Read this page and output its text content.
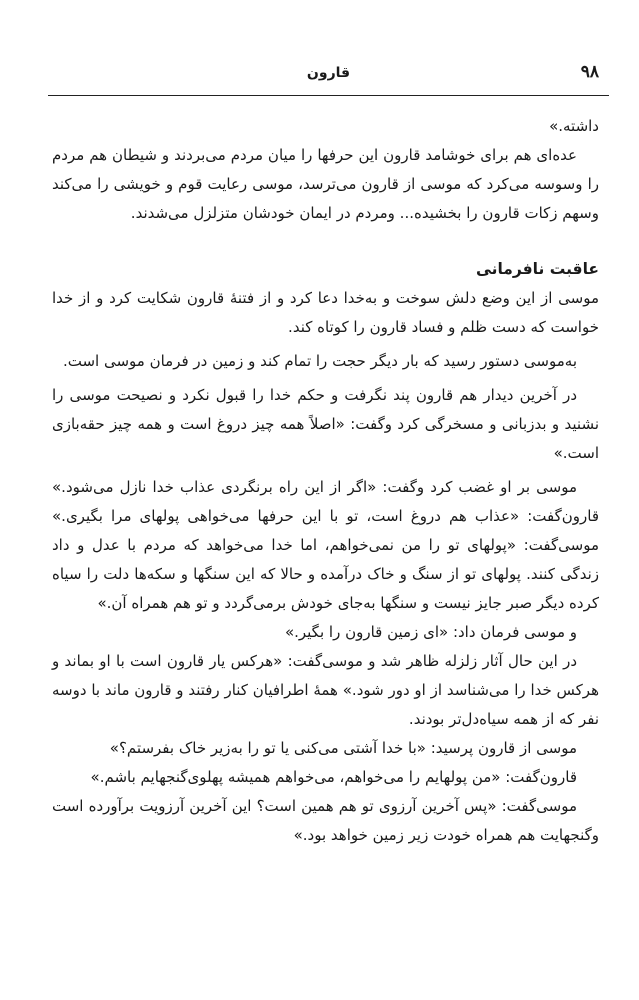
۹۸
قارون

داشته.»

عده‌ای هم برای خوشامد قارون این حرفها را میان مردم می‌بردند و شیطان هم مردم را وسوسه می‌کرد که موسی از قارون می‌ترسد، موسی رعایت قوم و خویشی را می‌کند وسهم زکات قارون را بخشیده... ومردم در ایمان خودشان متزلزل می‌شدند.

عاقبت نافرمانی

موسی از این وضع دلش سوخت و به‌خدا دعا کرد و از فتنهٔ قارون شکایت کرد و از خدا خواست که دست ظلم و فساد قارون را کوتاه کند.

به‌موسی دستور رسید که بار دیگر حجت را تمام کند و زمین در فرمان موسی است.

در آخرین دیدار هم قارون پند نگرفت و حکم خدا را قبول نکرد و نصیحت موسی را نشنید و بدزبانی و مسخرگی کرد وگفت: «اصلاً همه چیز دروغ است و همه چیز حقه‌بازی است.»

موسی بر او غضب کرد وگفت: «اگر از این راه برنگردی عذاب خدا نازل می‌شود.» قارون‌گفت: «عذاب هم دروغ است، تو با این حرفها می‌خواهی پولهای مرا بگیری.» موسی‌گفت: «پولهای تو را من نمی‌خواهم، اما خدا می‌خواهد که مردم با عدل و داد زندگی کنند. پولهای تو از سنگ و خاک درآمده و حالا که این سنگها و سکه‌ها دلت را سیاه کرده دیگر صبر جایز نیست و سنگها به‌جای خودش برمی‌گردد و تو هم همراه آن.»

و موسی فرمان داد: «ای زمین قارون را بگیر.»

در این حال آثار زلزله ظاهر شد و موسی‌گفت: «هرکس یار قارون است با او بماند و هرکس خدا را می‌شناسد از او دور شود.» همهٔ اطرافیان کنار رفتند و قارون ماند با دوسه نفر که از همه سیاه‌دل‌تر بودند.

موسی از قارون پرسید: «با خدا آشتی می‌کنی یا تو را به‌زیر خاک بفرستم؟»

قارون‌گفت: «من پولهایم را می‌خواهم، می‌خواهم همیشه پهلوی‌گنجهایم باشم.»

موسی‌گفت: «پس آخرین آرزوی تو هم همین است؟ این آخرین آرزویت برآورده است وگنجهایت هم همراه خودت زیر زمین خواهد بود.»
